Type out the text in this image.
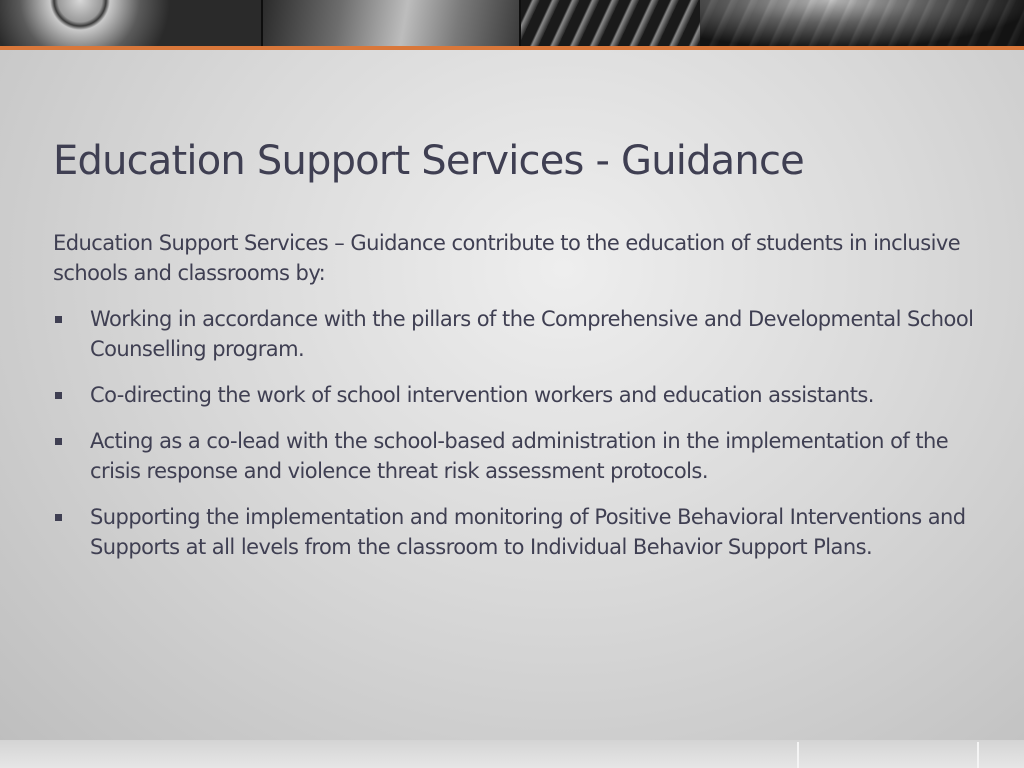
Education Support Services - Guidance

Education Support Services – Guidance contribute to the education of students in inclusive schools and classrooms by:

Working in accordance with the pillars of the Comprehensive and Developmental School Counselling program.
Co-directing the work of school intervention workers and education assistants.
Acting as a co-lead with the school-based administration in the implementation of the crisis response and violence threat risk assessment protocols.
Supporting the implementation and monitoring of Positive Behavioral Interventions and Supports at all levels from the classroom to Individual Behavior Support Plans.
